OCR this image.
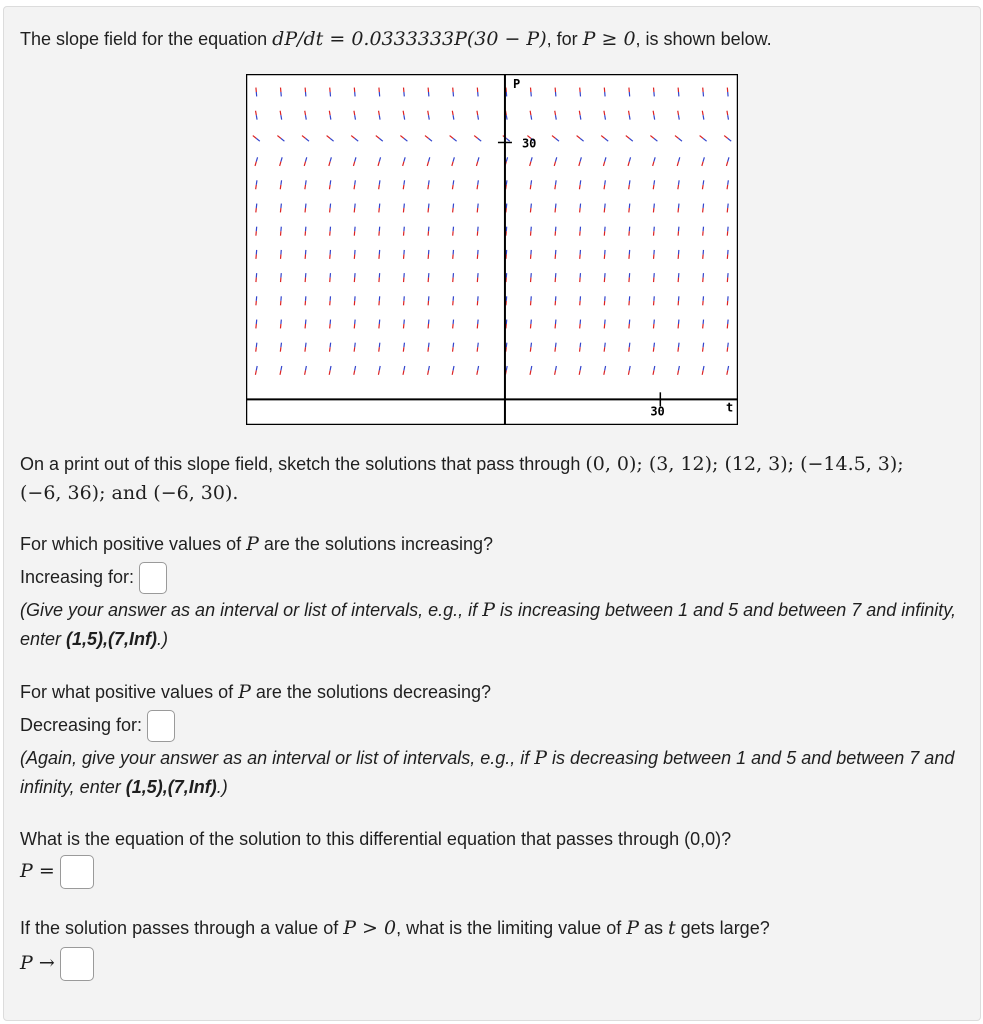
The slope field for the equation dP/dt = 0.0333333P(30 − P), for P ≥ 0, is shown below.
P
t
30
30
On a print out of this slope field, sketch the solutions that pass through (0, 0); (3, 12); (12, 3); (−14.5, 3);
(−6, 36); and (−6, 30).
For which positive values of P are the solutions increasing?
Increasing for:
(Give your answer as an interval or list of intervals, e.g., if P is increasing between 1 and 5 and between 7 and infinity, enter (1,5),(7,Inf).)
For what positive values of P are the solutions decreasing?
Decreasing for:
(Again, give your answer as an interval or list of intervals, e.g., if P is decreasing between 1 and 5 and between 7 and infinity, enter (1,5),(7,Inf).)
What is the equation of the solution to this differential equation that passes through (0,0)?
P =
If the solution passes through a value of P > 0, what is the limiting value of P as t gets large?
P →
